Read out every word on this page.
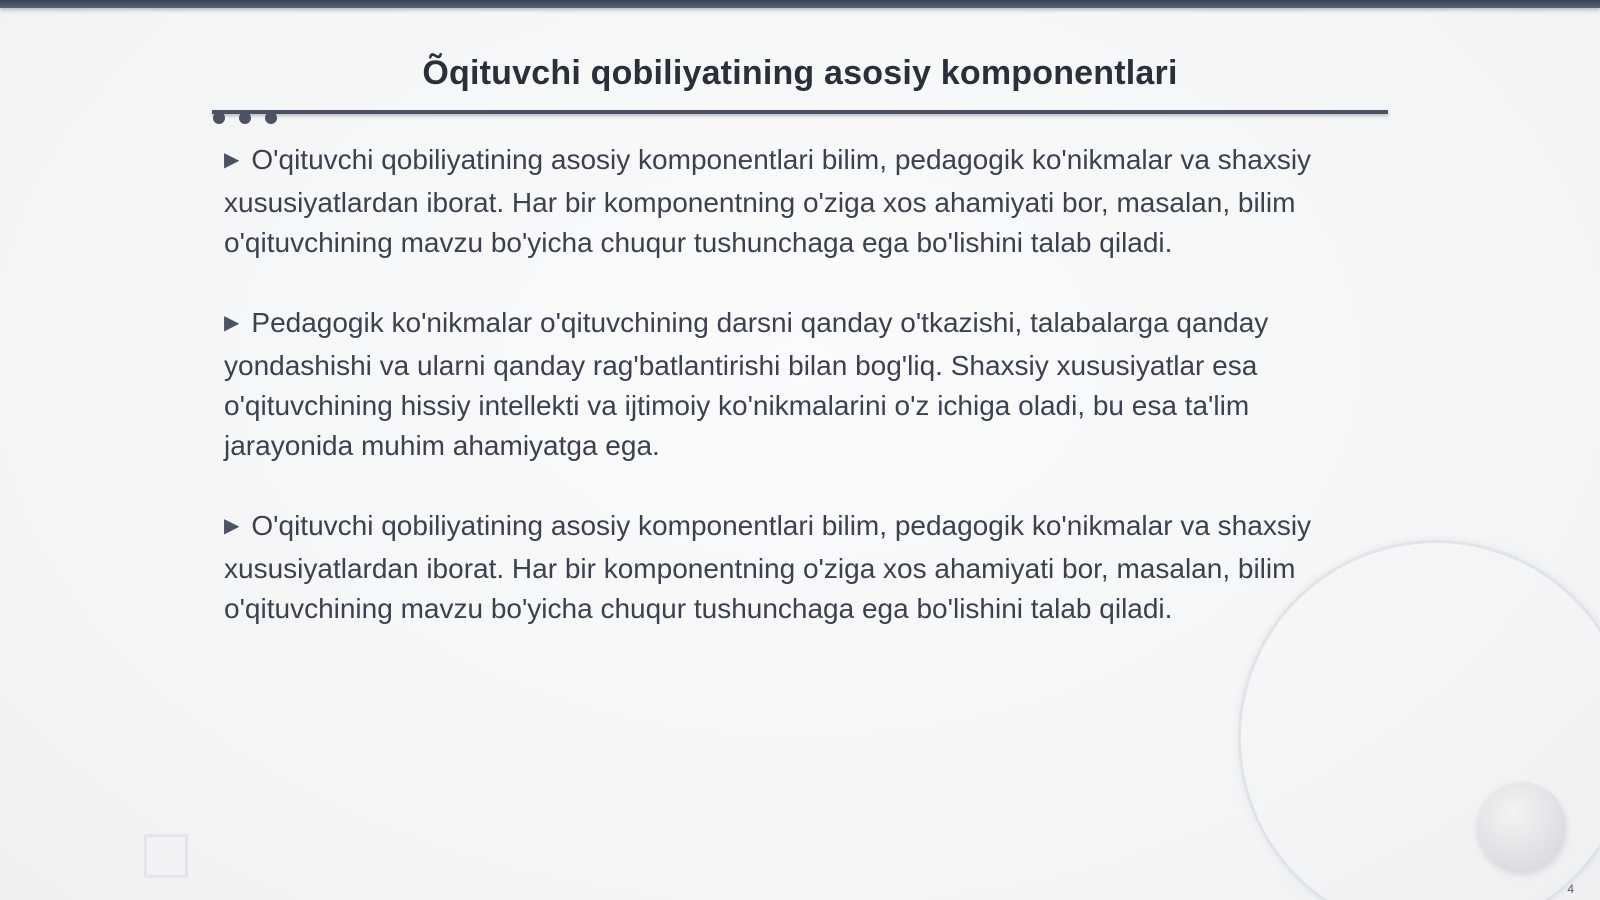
Õqituvchi qobiliyatining asosiy komponentlari

▶ O'qituvchi qobiliyatining asosiy komponentlari bilim, pedagogik ko'nikmalar va shaxsiy xususiyatlardan iborat. Har bir komponentning o'ziga xos ahamiyati bor, masalan, bilim o'qituvchining mavzu bo'yicha chuqur tushunchaga ega bo'lishini talab qiladi.

▶ Pedagogik ko'nikmalar o'qituvchining darsni qanday o'tkazishi, talabalarga qanday yondashishi va ularni qanday rag'batlantirishi bilan bog'liq. Shaxsiy xususiyatlar esa o'qituvchining hissiy intellekti va ijtimoiy ko'nikmalarini o'z ichiga oladi, bu esa ta'lim jarayonida muhim ahamiyatga ega.

▶ O'qituvchi qobiliyatining asosiy komponentlari bilim, pedagogik ko'nikmalar va shaxsiy xususiyatlardan iborat. Har bir komponentning o'ziga xos ahamiyati bor, masalan, bilim o'qituvchining mavzu bo'yicha chuqur tushunchaga ega bo'lishini talab qiladi.

4
